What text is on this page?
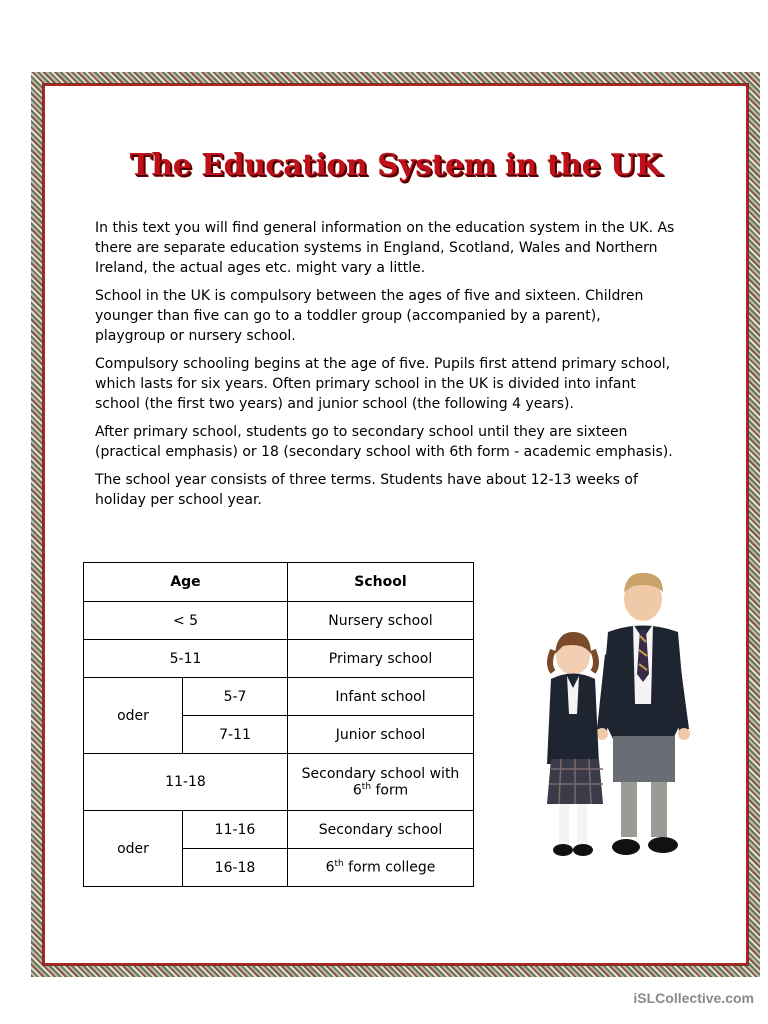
The Education System in the UK

In this text you will find general information on the education system in the UK. As there are separate education systems in England, Scotland, Wales and Northern Ireland, the actual ages etc. might vary a little.

School in the UK is compulsory between the ages of five and sixteen. Children younger than five can go to a toddler group (accompanied by a parent), playgroup or nursery school.

Compulsory schooling begins at the age of five. Pupils first attend primary school, which lasts for six years. Often primary school in the UK is divided into infant school (the first two years) and junior school (the following 4 years).

After primary school, students go to secondary school until they are sixteen (practical emphasis) or 18 (secondary school with 6th form - academic emphasis).

The school year consists of three terms. Students have about 12-13 weeks of holiday per school year.

Age		School
< 5		Nursery school
5-11		Primary school
oder	5-7	Infant school
	7-11	Junior school
11-18		Secondary school with
6th form
oder	11-16	Secondary school
	16-18	6th form college
iSLCollective.com
